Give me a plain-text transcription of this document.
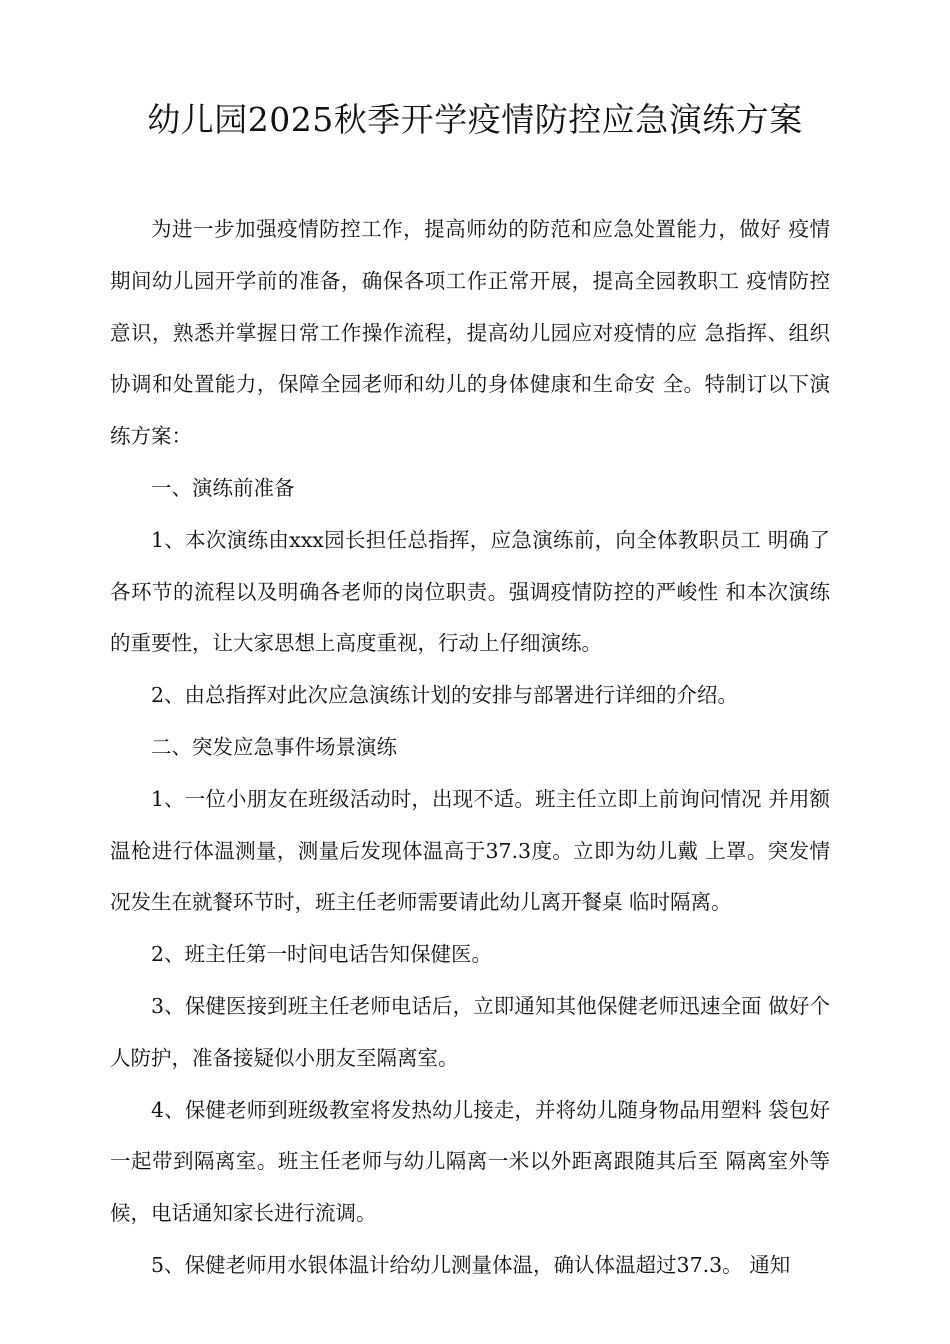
幼儿园2025秋季开学疫情防控应急演练方案

为进一步加强疫情防控工作，提高师幼的防范和应急处置能力，做好 疫情期间幼儿园开学前的准备，确保各项工作正常开展，提高全园教职工 疫情防控意识，熟悉并掌握日常工作操作流程，提高幼儿园应对疫情的应 急指挥、组织协调和处置能力，保障全园老师和幼儿的身体健康和生命安 全。特制订以下演练方案：

一、演练前准备

1、本次演练由xxx园长担任总指挥，应急演练前，向全体教职员工 明确了各环节的流程以及明确各老师的岗位职责。强调疫情防控的严峻性 和本次演练的重要性，让大家思想上高度重视，行动上仔细演练。

2、由总指挥对此次应急演练计划的安排与部署进行详细的介绍。

二、突发应急事件场景演练

1、一位小朋友在班级活动时，出现不适。班主任立即上前询问情况 并用额温枪进行体温测量，测量后发现体温高于37.3度。立即为幼儿戴 上罩。突发情况发生在就餐环节时，班主任老师需要请此幼儿离开餐桌 临时隔离。

2、班主任第一时间电话告知保健医。

3、保健医接到班主任老师电话后，立即通知其他保健老师迅速全面 做好个人防护，准备接疑似小朋友至隔离室。

4、保健老师到班级教室将发热幼儿接走，并将幼儿随身物品用塑料 袋包好一起带到隔离室。班主任老师与幼儿隔离一米以外距离跟随其后至 隔离室外等候，电话通知家长进行流调。

5、保健老师用水银体温计给幼儿测量体温，确认体温超过37.3。 通知
